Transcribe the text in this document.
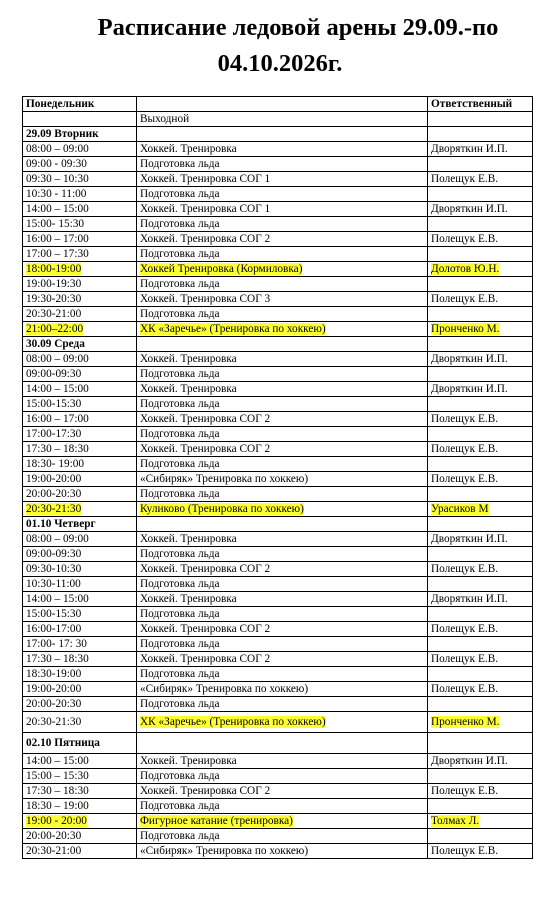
Расписание ледовой арены 29.09.-по
04.10.2026г.
Понедельник		Ответственный
	Выходной	
29.09 Вторник		
08:00 – 09:00	Хоккей. Тренировка	Дворяткин И.П.
09:00 - 09:30	Подготовка льда	
09:30 – 10:30	Хоккей. Тренировка СОГ 1	Полещук Е.В.
10:30 - 11:00	Подготовка льда	
14:00 – 15:00	Хоккей. Тренировка СОГ 1	Дворяткин И.П.
15:00- 15:30	Подготовка льда	
16:00 – 17:00	Хоккей. Тренировка СОГ 2	Полещук Е.В.
17:00 – 17:30	Подготовка льда	
18:00-19:00	Хоккей Тренировка (Кормиловка)	Долотов Ю.Н.
19:00-19:30	Подготовка льда	
19:30-20:30	Хоккей. Тренировка СОГ 3	Полещук Е.В.
20:30-21:00	Подготовка льда	
21:00–22:00	ХК «Заречье» (Тренировка по хоккею)	Пронченко М.
30.09 Среда		
08:00 – 09:00	Хоккей. Тренировка	Дворяткин И.П.
09:00-09:30	Подготовка льда	
14:00 – 15:00	Хоккей. Тренировка	Дворяткин И.П.
15:00-15:30	Подготовка льда	
16:00 – 17:00	Хоккей. Тренировка СОГ 2	Полещук Е.В.
17:00-17:30	Подготовка льда	
17:30 – 18:30	Хоккей. Тренировка СОГ 2	Полещук Е.В.
18:30- 19:00	Подготовка льда	
19:00-20:00	«Сибиряк» Тренировка по хоккею)	Полещук Е.В.
20:00-20:30	Подготовка льда	
20:30-21:30	Куликово (Тренировка по хоккею)	Урасиков М
01.10 Четверг		
08:00 – 09:00	Хоккей. Тренировка	Дворяткин И.П.
09:00-09:30	Подготовка льда	
09:30-10:30	Хоккей. Тренировка СОГ 2	Полещук Е.В.
10:30-11:00	Подготовка льда	
14:00 – 15:00	Хоккей. Тренировка	Дворяткин И.П.
15:00-15:30	Подготовка льда	
16:00-17:00	Хоккей. Тренировка СОГ 2	Полещук Е.В.
17:00- 17: 30	Подготовка льда	
17:30 – 18:30	Хоккей. Тренировка СОГ 2	Полещук Е.В.
18:30-19:00	Подготовка льда	
19:00-20:00	«Сибиряк» Тренировка по хоккею)	Полещук Е.В.
20:00-20:30	Подготовка льда	
20:30-21:30	ХК «Заречье» (Тренировка по хоккею)	Пронченко М.
02.10 Пятница		
14:00 – 15:00	Хоккей. Тренировка	Дворяткин И.П.
15:00 – 15:30	Подготовка льда	
17:30 – 18:30	Хоккей. Тренировка СОГ 2	Полещук Е.В.
18:30 – 19:00	Подготовка льда	
19:00 - 20:00	Фигурное катание (тренировка)	Толмах Л.
20:00-20:30	Подготовка льда	
20:30-21:00	«Сибиряк» Тренировка по хоккею)	Полещук Е.В.
